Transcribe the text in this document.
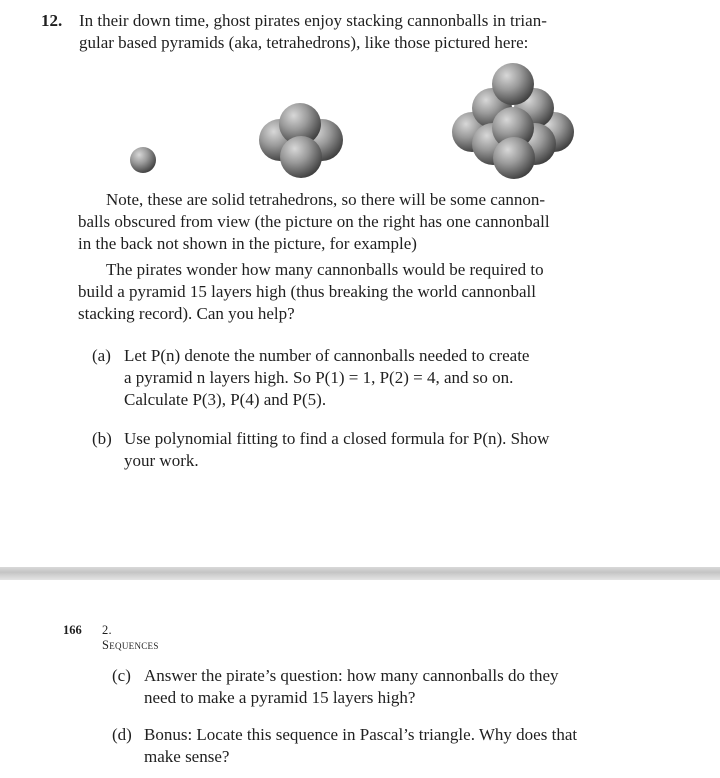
12. In their down time, ghost pirates enjoy stacking cannonballs in trian-
gular based pyramids (aka, tetrahedrons), like those pictured here:

Note, these are solid tetrahedrons, so there will be some cannon-
balls obscured from view (the picture on the right has one cannonball
in the back not shown in the picture, for example)

The pirates wonder how many cannonballs would be required to
build a pyramid 15 layers high (thus breaking the world cannonball
stacking record). Can you help?

(a) Let P(n) denote the number of cannonballs needed to create
a pyramid n layers high. So P(1) = 1, P(2) = 4, and so on.
Calculate P(3), P(4) and P(5).
(b) Use polynomial fitting to find a closed formula for P(n). Show
your work.
166 2. Sequences
(c) Answer the pirate’s question: how many cannonballs do they
need to make a pyramid 15 layers high?
(d) Bonus: Locate this sequence in Pascal’s triangle. Why does that
make sense?
